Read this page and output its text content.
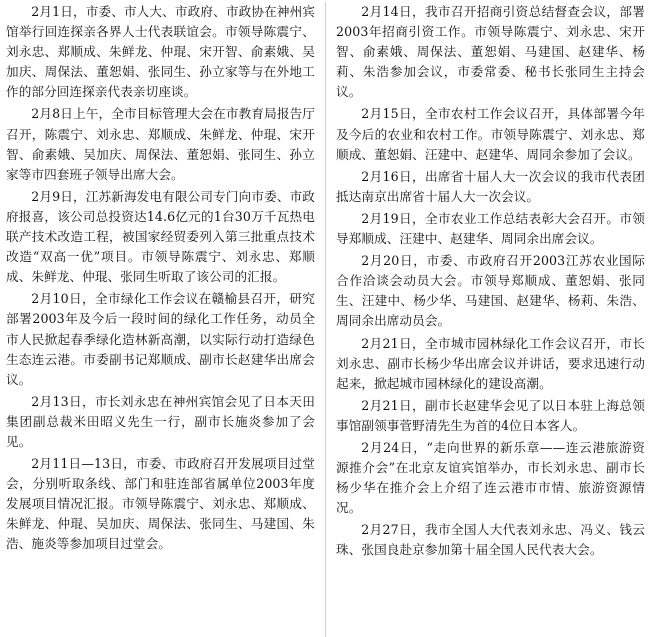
2月1日，市委、市人大、市政府、市政协在神州宾馆举行回连探亲各界人士代表联谊会。市领导陈震宁、刘永忠、郑顺成、朱鲜龙、仲琨、宋开智、俞素娥、吴加庆、周保法、董恕娟、张同生、孙立家等与在外地工作的部分回连探亲代表亲切座谈。

2月8日上午，全市目标管理大会在市教育局报告厅召开，陈震宁、刘永忠、郑顺成、朱鲜龙、仲琨、宋开智、俞素娥、吴加庆、周保法、董恕娟、张同生、孙立家等市四套班子领导出席大会。

2月9日，江苏新海发电有限公司专门向市委、市政府报喜，该公司总投资达14.6亿元的1台30万千瓦热电联产技术改造工程，被国家经贸委列入第三批重点技术改造“双高一优”项目。市领导陈震宁、刘永忠、郑顺成、朱鲜龙、仲琨、张同生听取了该公司的汇报。

2月10日，全市绿化工作会议在赣榆县召开，研究部署2003年及今后一段时间的绿化工作任务，动员全市人民掀起春季绿化造林新高潮，以实际行动打造绿色生态连云港。市委副书记郑顺成、副市长赵建华出席会议。

2月13日，市长刘永忠在神州宾馆会见了日本天田集团副总裁米田昭义先生一行，副市长施炎参加了会见。

2月11日—13日，市委、市政府召开发展项目过堂会，分别听取条线、部门和驻连部省属单位2003年度发展项目情况汇报。市领导陈震宁、刘永忠、郑顺成、朱鲜龙、仲琨、吴加庆、周保法、张同生、马建国、朱浩、施炎等参加项目过堂会。

2月14日，我市召开招商引资总结督查会议，部署2003年招商引资工作。市领导陈震宁、刘永忠、宋开智、俞素娥、周保法、董恕娟、马建国、赵建华、杨莉、朱浩参加会议，市委常委、秘书长张同生主持会议。

2月15日，全市农村工作会议召开，具体部署今年及今后的农业和农村工作。市领导陈震宁、刘永忠、郑顺成、董恕娟、汪建中、赵建华、周同余参加了会议。

2月16日，出席省十届人大一次会议的我市代表团抵达南京出席省十届人大一次会议。

2月19日，全市农业工作总结表彰大会召开。市领导郑顺成、汪建中、赵建华、周同余出席会议。

2月20日，市委、市政府召开2003江苏农业国际合作洽谈会动员大会。市领导郑顺成、董恕娟、张同生、汪建中、杨少华、马建国、赵建华、杨莉、朱浩、周同余出席动员会。

2月21日，全市城市园林绿化工作会议召开，市长刘永忠、副市长杨少华出席会议并讲话，要求迅速行动起来，掀起城市园林绿化的建设高潮。

2月21日，副市长赵建华会见了以日本驻上海总领事馆副领事菅野清先生为首的4位日本客人。

2月24日，“走向世界的新乐章——连云港旅游资源推介会”在北京友谊宾馆举办，市长刘永忠、副市长杨少华在推介会上介绍了连云港市市情、旅游资源情况。

2月27日，我市全国人大代表刘永忠、冯义、钱云珠、张国良赴京参加第十届全国人民代表大会。
